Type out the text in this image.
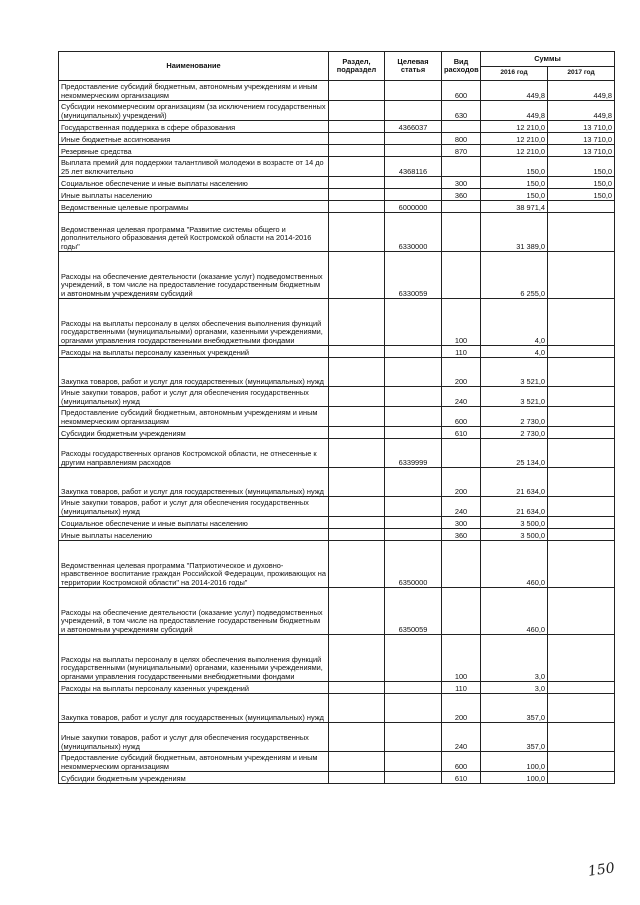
Наименование	Раздел, подраздел	Целевая статья	Вид расходов	Суммы	
				2016 год	2017 год
Предоставление субсидий бюджетным, автономным учреждениям и иным некоммерческим организациям			600	449,8	449,8
Субсидии некоммерческим организациям (за исключением государственных (муниципальных) учреждений)			630	449,8	449,8
Государственная поддержка в сфере образования		4366037		12 210,0	13 710,0
Иные бюджетные ассигнования			800	12 210,0	13 710,0
Резервные средства			870	12 210,0	13 710,0
Выплата премий для поддержки талантливой молодежи в возрасте от 14 до 25 лет включительно		4368116		150,0	150,0
Социальное обеспечение и иные выплаты населению			300	150,0	150,0
Иные выплаты населению			360	150,0	150,0
Ведомственные целевые программы		6000000		38 971,4	
Ведомственная целевая программа "Развитие системы общего и дополнительного образования детей Костромской области на 2014-2016 годы"		6330000		31 389,0	
Расходы на обеспечение деятельности (оказание услуг) подведомственных учреждений, в том числе на предоставление государственным бюджетным и автономным учреждениям субсидий		6330059		6 255,0	
Расходы на выплаты персоналу в целях обеспечения выполнения функций государственными (муниципальными) органами, казенными учреждениями, органами управления государственными внебюджетными фондами			100	4,0	
Расходы на выплаты персоналу казенных учреждений			110	4,0	
Закупка товаров, работ и услуг для государственных (муниципальных) нужд			200	3 521,0	
Иные закупки товаров, работ и услуг для обеспечения государственных (муниципальных) нужд			240	3 521,0	
Предоставление субсидий бюджетным, автономным учреждениям и иным некоммерческим организациям			600	2 730,0	
Субсидии бюджетным учреждениям			610	2 730,0	
Расходы государственных органов Костромской области, не отнесенные к другим направлениям расходов		6339999		25 134,0	
Закупка товаров, работ и услуг для государственных (муниципальных) нужд			200	21 634,0	
Иные закупки товаров, работ и услуг для обеспечения государственных (муниципальных) нужд			240	21 634,0	
Социальное обеспечение и иные выплаты населению			300	3 500,0	
Иные выплаты населению			360	3 500,0	
Ведомственная целевая программа "Патриотическое и духовно-нравственное воспитание граждан Российской Федерации, проживающих на территории Костромской области" на 2014-2016 годы"		6350000		460,0	
Расходы на обеспечение деятельности (оказание услуг) подведомственных учреждений, в том числе на предоставление государственным бюджетным и автономным учреждениям субсидий		6350059		460,0	
Расходы на выплаты персоналу в целях обеспечения выполнения функций государственными (муниципальными) органами, казенными учреждениями, органами управления государственными внебюджетными фондами			100	3,0	
Расходы на выплаты персоналу казенных учреждений			110	3,0	
Закупка товаров, работ и услуг для государственных (муниципальных) нужд			200	357,0	
Иные закупки товаров, работ и услуг для обеспечения государственных (муниципальных) нужд			240	357,0	
Предоставление субсидий бюджетным, автономным учреждениям и иным некоммерческим организациям			600	100,0	
Субсидии бюджетным учреждениям			610	100,0	
150
